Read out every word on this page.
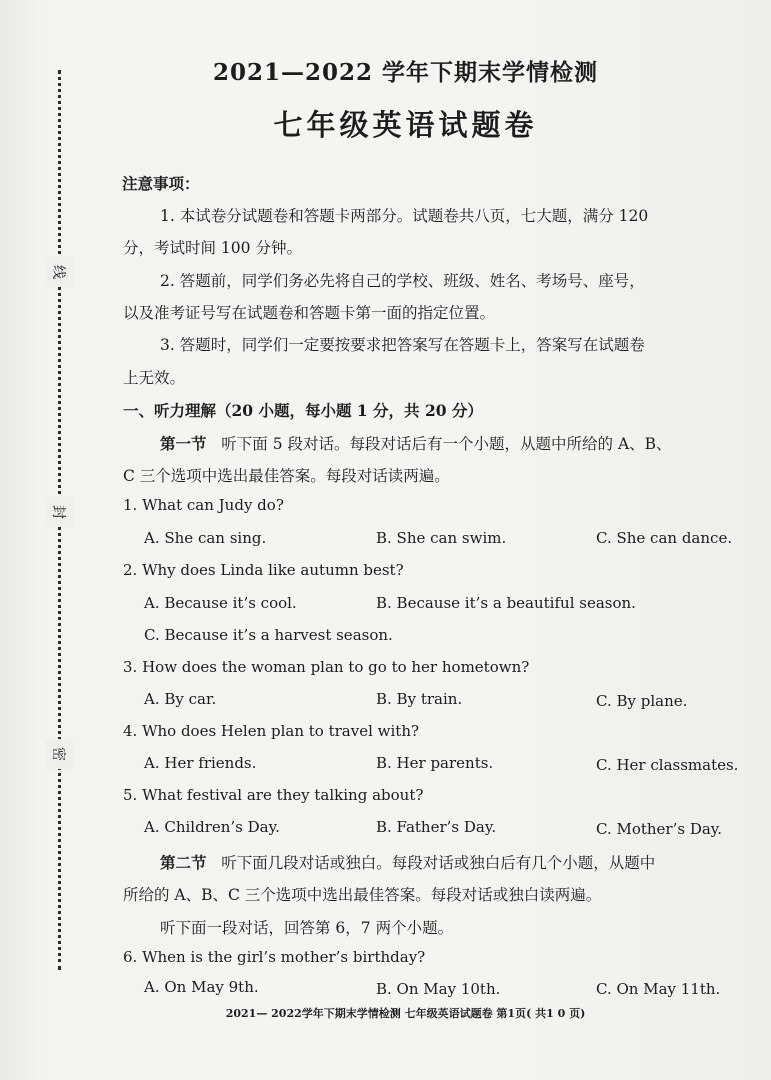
线
封
密
2021—2022 学年下期末学情检测
七年级英语试题卷
注意事项：
1. 本试卷分试题卷和答题卡两部分。试题卷共八页，七大题，满分 120
分，考试时间 100 分钟。
2. 答题前，同学们务必先将自己的学校、班级、姓名、考场号、座号，
以及准考证号写在试题卷和答题卡第一面的指定位置。
3. 答题时，同学们一定要按要求把答案写在答题卡上，答案写在试题卷
上无效。
一、听力理解（20 小题，每小题 1 分，共 20 分）
第一节 听下面 5 段对话。每段对话后有一个小题，从题中所给的 A、B、
C 三个选项中选出最佳答案。每段对话读两遍。
1. What can Judy do?
A. She can sing.	B. She can swim.	C. She can dance.
2. Why does Linda like autumn best?
A. Because it’s cool.	B. Because it’s a beautiful season.
C. Because it’s a harvest season.
3. How does the woman plan to go to her hometown?
A. By car.	B. By train.	C. By plane.
4. Who does Helen plan to travel with?
A. Her friends.	B. Her parents.	C. Her classmates.
5. What festival are they talking about?
A. Children’s Day.	B. Father’s Day.	C. Mother’s Day.
第二节 听下面几段对话或独白。每段对话或独白后有几个小题，从题中
所给的 A、B、C 三个选项中选出最佳答案。每段对话或独白读两遍。
听下面一段对话，回答第 6，7 两个小题。
6. When is the girl’s mother’s birthday?
A. On May 9th.	B. On May 10th.	C. On May 11th.
2021— 2022学年下期末学情检测 七年级英语试题卷 第1页( 共1 0 页)
